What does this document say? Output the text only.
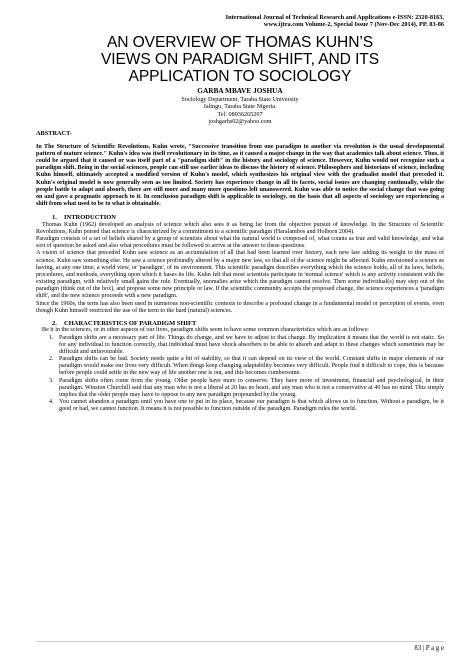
International Journal of Technical Research and Applications e-ISSN: 2320-8163,
www.ijtra.com Volume-2, Special Issue 7 (Nov-Dec 2014), PP. 83-86
AN OVERVIEW OF THOMAS KUHN’S
VIEWS ON PARADIGM SHIFT, AND ITS
APPLICATION TO SOCIOLOGY
GARBA MBAVE JOSHUA
Sociology Department, Taraba State University
Jalingo, Taraba State Nigeria.
Tel: 08036265207
joshgarbs02@yahoo.com
ABSTRACT-

In The Structure of Scientific Revolutions, Kuhn wrote, "Successive transition from one paradigm to another via revolution is the usual developmental pattern of mature science." Kuhn's idea was itself revolutionary in its time, as it caused a major change in the way that academics talk about science. Thus, it could be argued that it caused or was itself part of a "paradigm shift" in the history and sociology of science. However, Kuhn would not recognize such a paradigm shift. Being in the social sciences, people can still use earlier ideas to discuss the history of science. Philosophers and historians of science, including Kuhn himself, ultimately accepted a modified version of Kuhn's model, which synthesizes his original view with the gradualist model that preceded it. Kuhn's original model is now generally seen as too limited. Society has experience change in all its facets, social issues are changing continually, while the people battle to adapt and absorb, there are still more and many more questions left unanswered. Kuhn was able to notice the social change that was going on and gave a pragmatic approach to it. In conclusion paradigm shift is applicable to sociology, on the basis that all aspects of sociology are experiencing a shift from what used to be to what is obtainable.

1. INTRODUCTION

Thomas Kuhn (1962) developed an analysis of science which also sees it as being far from the objective pursuit of knowledge. In the Structure of Scientific Revolutions, Kuhn poised that science is characterized by a commitment to a scientific paradigm (Haralambos and Holborn 2004).

Paradigm consists of a set of beliefs shared by a group of scientists about what the natural world is composed of, what counts as true and valid knowledge, and what sort of question be asked and also what procedures must be followed to arrive at the answer to these questions.

A vision of science that preceded Kuhn saw science as an accumulation of all that had been learned over history, each new law adding its weight to the mass of science. Kuhn saw something else. He saw a science profoundly altered by a major new law, so that all of the science might be affected. Kuhn envisioned a science as having, at any one time, a world view, or 'paradigm', of its environment. This scientific paradigm describes everything which the science holds, all of its laws, beliefs, procedures, and methods, everything upon which it bases its life. Kuhn felt that most scientists participate in 'normal science' which is any activity consistent with the existing paradigm, with relatively small gains the rule. Eventually, anomalies arise which the paradigm cannot resolve. Then some individual(s) may step out of the paradigm (think out of the box), and propose some new principle or law. If the scientific community accepts the proposed change, the science experiences a 'paradigm shift', and the new science proceeds with a new paradigm.

Since the 1960s, the term has also been used in numerous non-scientific contexts to describe a profound change in a fundamental model or perception of events, even though Kuhn himself restricted the use of the term to the hard (natural) sciences.

2. CHARACTERISTICS OF PARADIGM SHIFT

Be it in the sciences, or in other aspects of our lives, paradigm shifts seem to have some common characteristics which are as follows:

1. Paradigm shifts are a necessary part of life. Things do change, and we have to adjust to that change. By implication it means that the world is not static. So for any individual to function correctly, that individual must have shock absorbers to be able to absorb and adapt to these changes which sometimes may be difficult and unfavourable.
2. Paradigm shifts can be bad. Society needs quite a bit of stability, so that it can depend on its view of the world. Constant shifts in major elements of our paradigm would make our lives very difficult. When things keep changing adaptability becomes very difficult. People find it difficult to cope, this is because before people could settle in the new way of life another one is out, and this becomes cumbersome.
3. Paradigm shifts often come from the young. Older people have more to conserve. They have more of investment, financial and psychological, in their paradigm. Winston Churchill said that any man who is not a liberal at 20 has no heart, and any man who is not a conservative at 40 has no mind. This simply implies that the older people may have to oppose to any new paradigm propounded by the young.
4. You cannot abandon a paradigm until you have one to put in its place, because our paradigm is that which allows us to function. Without a paradigm, be it good or bad, we cannot function. It means it is not possible to function outside of the paradigm. Paradigm rules the world.
83 | P a g e
